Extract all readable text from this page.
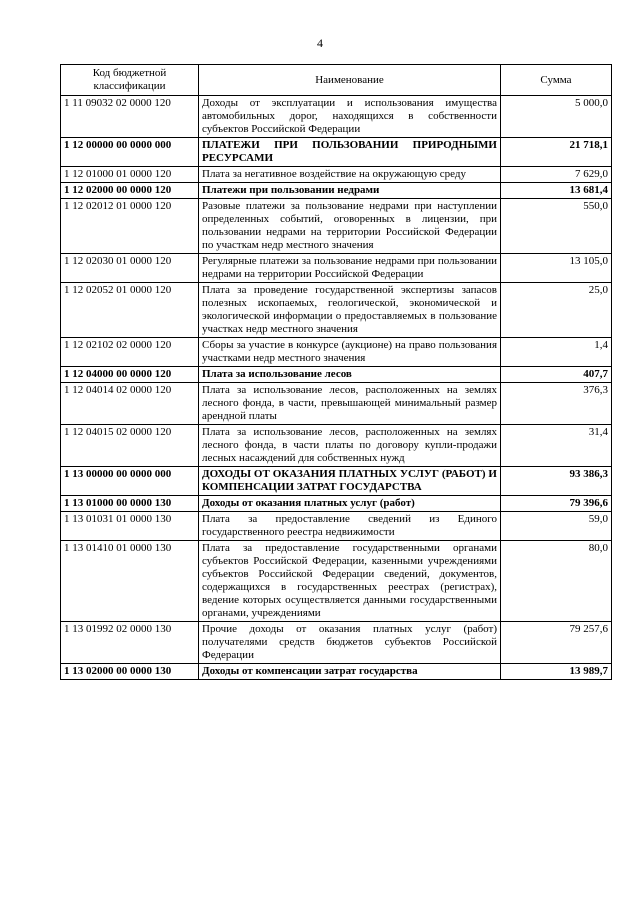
4
Код бюджетной классификации	Наименование	Сумма
1 11 09032 02 0000 120	Доходы от эксплуатации и использования имущества автомобильных дорог, находящихся в собственности субъектов Российской Федерации	5 000,0
1 12 00000 00 0000 000	ПЛАТЕЖИ ПРИ ПОЛЬЗОВАНИИ ПРИРОДНЫМИ РЕСУРСАМИ	21 718,1
1 12 01000 01 0000 120	Плата за негативное воздействие на окружающую среду	7 629,0
1 12 02000 00 0000 120	Платежи при пользовании недрами	13 681,4
1 12 02012 01 0000 120	Разовые платежи за пользование недрами при наступлении определенных событий, оговоренных в лицензии, при пользовании недрами на территории Российской Федерации по участкам недр местного значения	550,0
1 12 02030 01 0000 120	Регулярные платежи за пользование недрами при пользовании недрами на территории Российской Федерации	13 105,0
1 12 02052 01 0000 120	Плата за проведение государственной экспертизы запасов полезных ископаемых, геологической, экономической и экологической информации о предоставляемых в пользование участках недр местного значения	25,0
1 12 02102 02 0000 120	Сборы за участие в конкурсе (аукционе) на право пользования участками недр местного значения	1,4
1 12 04000 00 0000 120	Плата за использование лесов	407,7
1 12 04014 02 0000 120	Плата за использование лесов, расположенных на землях лесного фонда, в части, превышающей минимальный размер арендной платы	376,3
1 12 04015 02 0000 120	Плата за использование лесов, расположенных на землях лесного фонда, в части платы по договору купли-продажи лесных насаждений для собственных нужд	31,4
1 13 00000 00 0000 000	ДОХОДЫ ОТ ОКАЗАНИЯ ПЛАТНЫХ УСЛУГ (РАБОТ) И КОМПЕНСАЦИИ ЗАТРАТ ГОСУДАРСТВА	93 386,3
1 13 01000 00 0000 130	Доходы от оказания платных услуг (работ)	79 396,6
1 13 01031 01 0000 130	Плата за предоставление сведений из Единого государственного реестра недвижимости	59,0
1 13 01410 01 0000 130	Плата за предоставление государственными органами субъектов Российской Федерации, казенными учреждениями субъектов Российской Федерации сведений, документов, содержащихся в государственных реестрах (регистрах), ведение которых осуществляется данными государственными органами, учреждениями	80,0
1 13 01992 02 0000 130	Прочие доходы от оказания платных услуг (работ) получателями средств бюджетов субъектов Российской Федерации	79 257,6
1 13 02000 00 0000 130	Доходы от компенсации затрат государства	13 989,7
